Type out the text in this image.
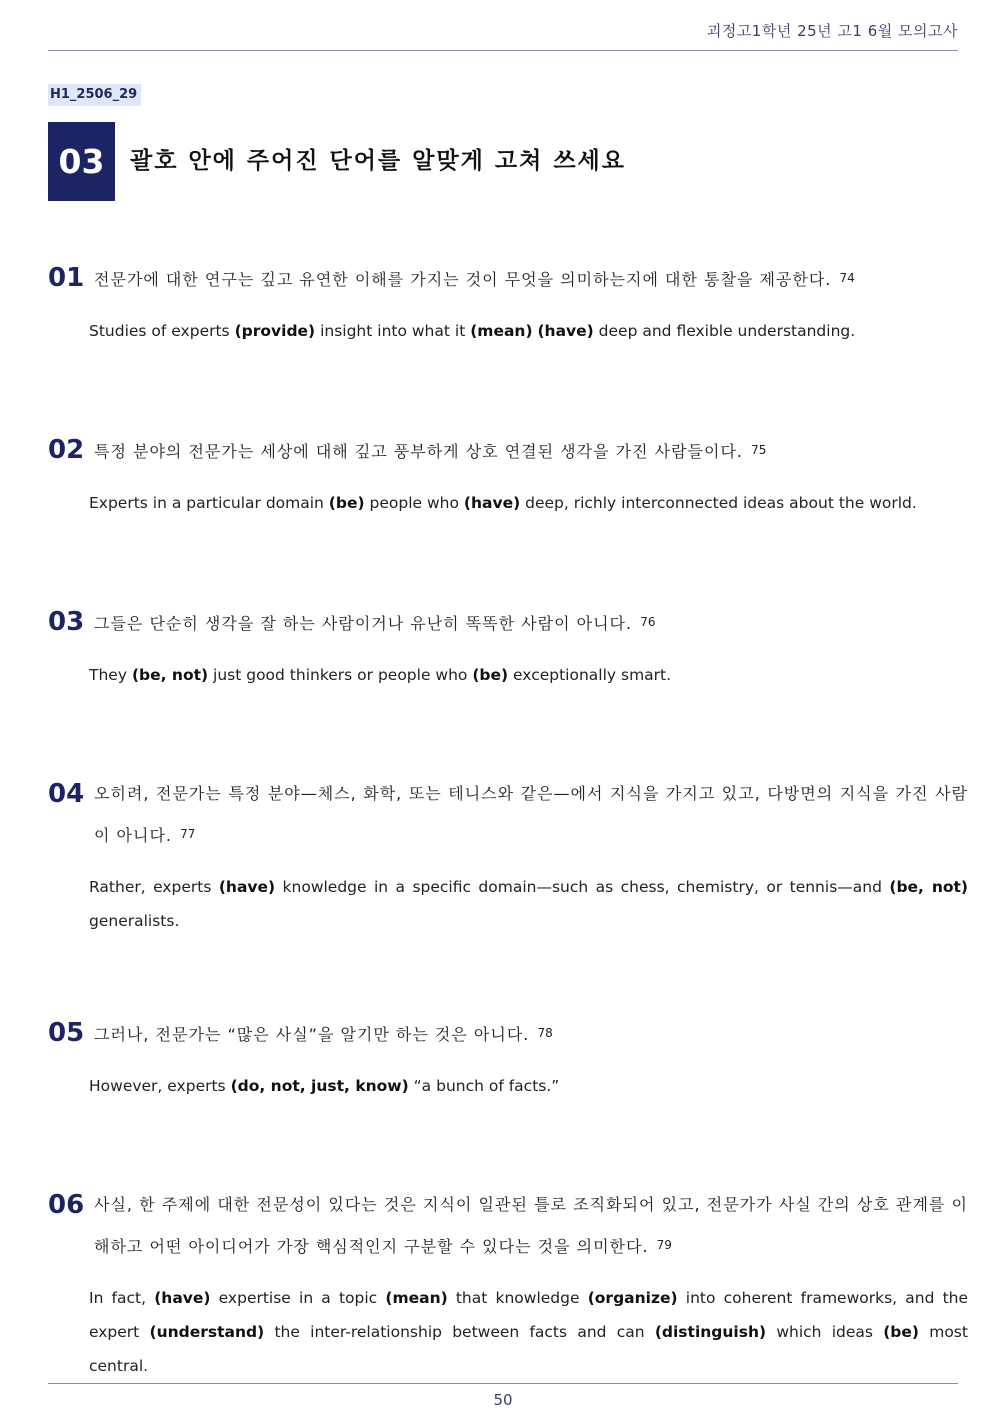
괴정고1학년 25년 고1 6월 모의고사
H1_2506_29
03	괄호 안에 주어진 단어를 알맞게 고쳐 쓰세요
01 전문가에 대한 연구는 깊고 유연한 이해를 가지는 것이 무엇을 의미하는지에 대한 통찰을 제공한다. 74
Studies of experts (provide) insight into what it (mean) (have) deep and flexible understanding.
02 특정 분야의 전문가는 세상에 대해 깊고 풍부하게 상호 연결된 생각을 가진 사람들이다. 75
Experts in a particular domain (be) people who (have) deep, richly interconnected ideas about the world.
03 그들은 단순히 생각을 잘 하는 사람이거나 유난히 똑똑한 사람이 아니다. 76
They (be, not) just good thinkers or people who (be) exceptionally smart.
04 오히려, 전문가는 특정 분야—체스, 화학, 또는 테니스와 같은—에서 지식을 가지고 있고, 다방면의 지식을 가진 사람이 아니다. 77
Rather, experts (have) knowledge in a specific domain—such as chess, chemistry, or tennis—and (be, not) generalists.
05 그러나, 전문가는 “많은 사실”을 알기만 하는 것은 아니다. 78
However, experts (do, not, just, know) “a bunch of facts.”
06 사실, 한 주제에 대한 전문성이 있다는 것은 지식이 일관된 틀로 조직화되어 있고, 전문가가 사실 간의 상호 관계를 이해하고 어떤 아이디어가 가장 핵심적인지 구분할 수 있다는 것을 의미한다. 79
In fact, (have) expertise in a topic (mean) that knowledge (organize) into coherent frameworks, and the expert (understand) the inter-relationship between facts and can (distinguish) which ideas (be) most central.
50
